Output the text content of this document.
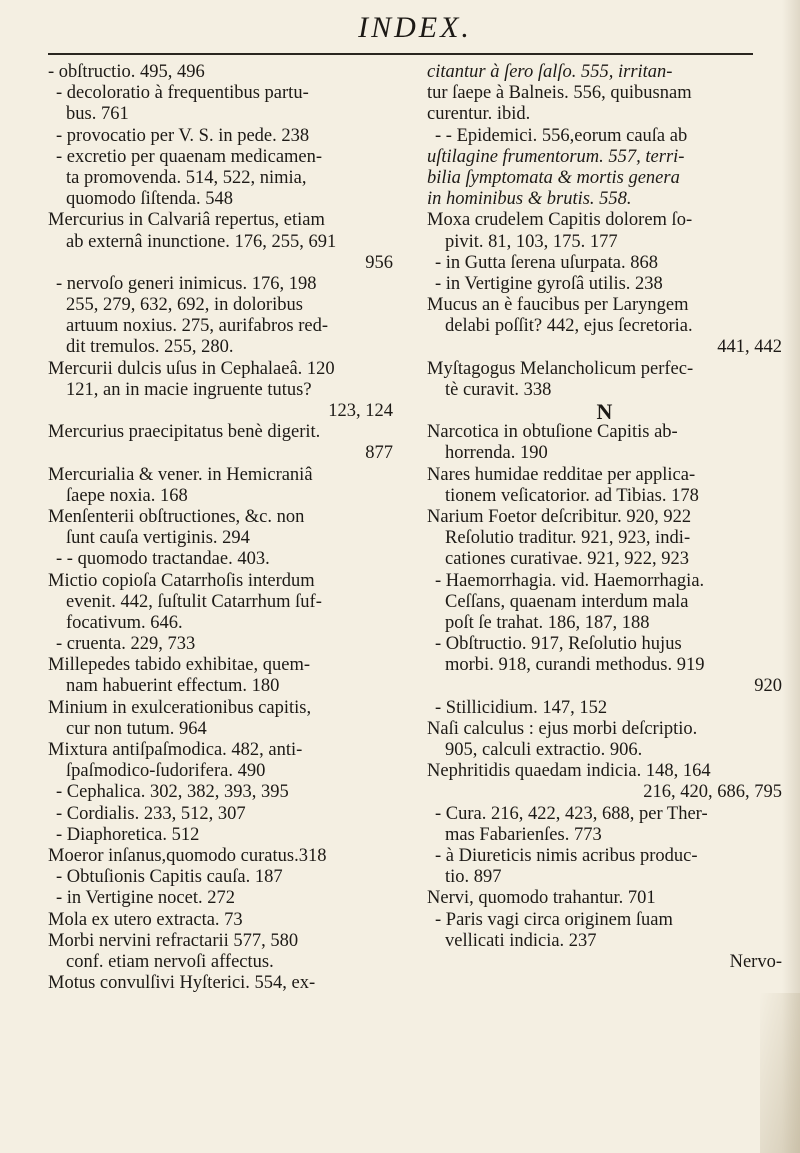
INDEX.
- obſtructio. 495, 496
- decoloratio à frequentibus partu-
bus. 761
- provocatio per V. S. in pede. 238
- excretio per quaenam medicamen-
ta promovenda. 514, 522, nimia,
quomodo ſiſtenda. 548
Mercurius in Calvariâ repertus, etiam
ab externâ inunctione. 176, 255, 691
956
- nervoſo generi inimicus. 176, 198
255, 279, 632, 692, in doloribus
artuum noxius. 275, aurifabros red-
dit tremulos. 255, 280.
Mercurii dulcis uſus in Cephalaeâ. 120
121, an in macie ingruente tutus?
123, 124
Mercurius praecipitatus benè digerit.
877
Mercurialia & vener. in Hemicraniâ
ſaepe noxia. 168
Menſenterii obſtructiones, &c. non
ſunt cauſa vertiginis. 294
- - quomodo tractandae. 403.
Mictio copioſa Catarrhoſis interdum
evenit. 442, ſuſtulit Catarrhum ſuf-
focativum. 646.
- cruenta. 229, 733
Millepedes tabido exhibitae, quem-
nam habuerint effectum. 180
Minium in exulcerationibus capitis,
cur non tutum. 964
Mixtura antiſpaſmodica. 482, anti-
ſpaſmodico-ſudorifera. 490
- Cephalica. 302, 382, 393, 395
- Cordialis. 233, 512, 307
- Diaphoretica. 512
Moeror inſanus,quomodo curatus.318
- Obtuſionis Capitis cauſa. 187
- in Vertigine nocet. 272
Mola ex utero extracta. 73
Morbi nervini refractarii 577, 580
conf. etiam nervoſi affectus.
Motus convulſivi Hyſterici. 554, ex-
citantur à ſero ſalſo. 555, irritan-
tur ſaepe à Balneis. 556, quibusnam
curentur. ibid.
- - Epidemici. 556,eorum cauſa ab
uſtilagine frumentorum. 557, terri-
bilia ſymptomata & mortis genera
in hominibus & brutis. 558.
Moxa crudelem Capitis dolorem ſo-
pivit. 81, 103, 175. 177
- in Gutta ſerena uſurpata. 868
- in Vertigine gyroſâ utilis. 238
Mucus an è faucibus per Laryngem
delabi poſſit? 442, ejus ſecretoria.
441, 442
Myſtagogus Melancholicum perfec-
tè curavit. 338
N
Narcotica in obtuſione Capitis ab-
horrenda. 190
Nares humidae redditae per applica-
tionem veſicatorior. ad Tibias. 178
Narium Foetor deſcribitur. 920, 922
Reſolutio traditur. 921, 923, indi-
cationes curativae. 921, 922, 923
- Haemorrhagia. vid. Haemorrhagia.
Ceſſans, quaenam interdum mala
poſt ſe trahat. 186, 187, 188
- Obſtructio. 917, Reſolutio hujus
morbi. 918, curandi methodus. 919
920
- Stillicidium. 147, 152
Naſi calculus : ejus morbi deſcriptio.
905, calculi extractio. 906.
Nephritidis quaedam indicia. 148, 164
216, 420, 686, 795
- Cura. 216, 422, 423, 688, per Ther-
mas Fabarienſes. 773
- à Diureticis nimis acribus produc-
tio. 897
Nervi, quomodo trahantur. 701
- Paris vagi circa originem ſuam
vellicati indicia. 237
Nervo-
